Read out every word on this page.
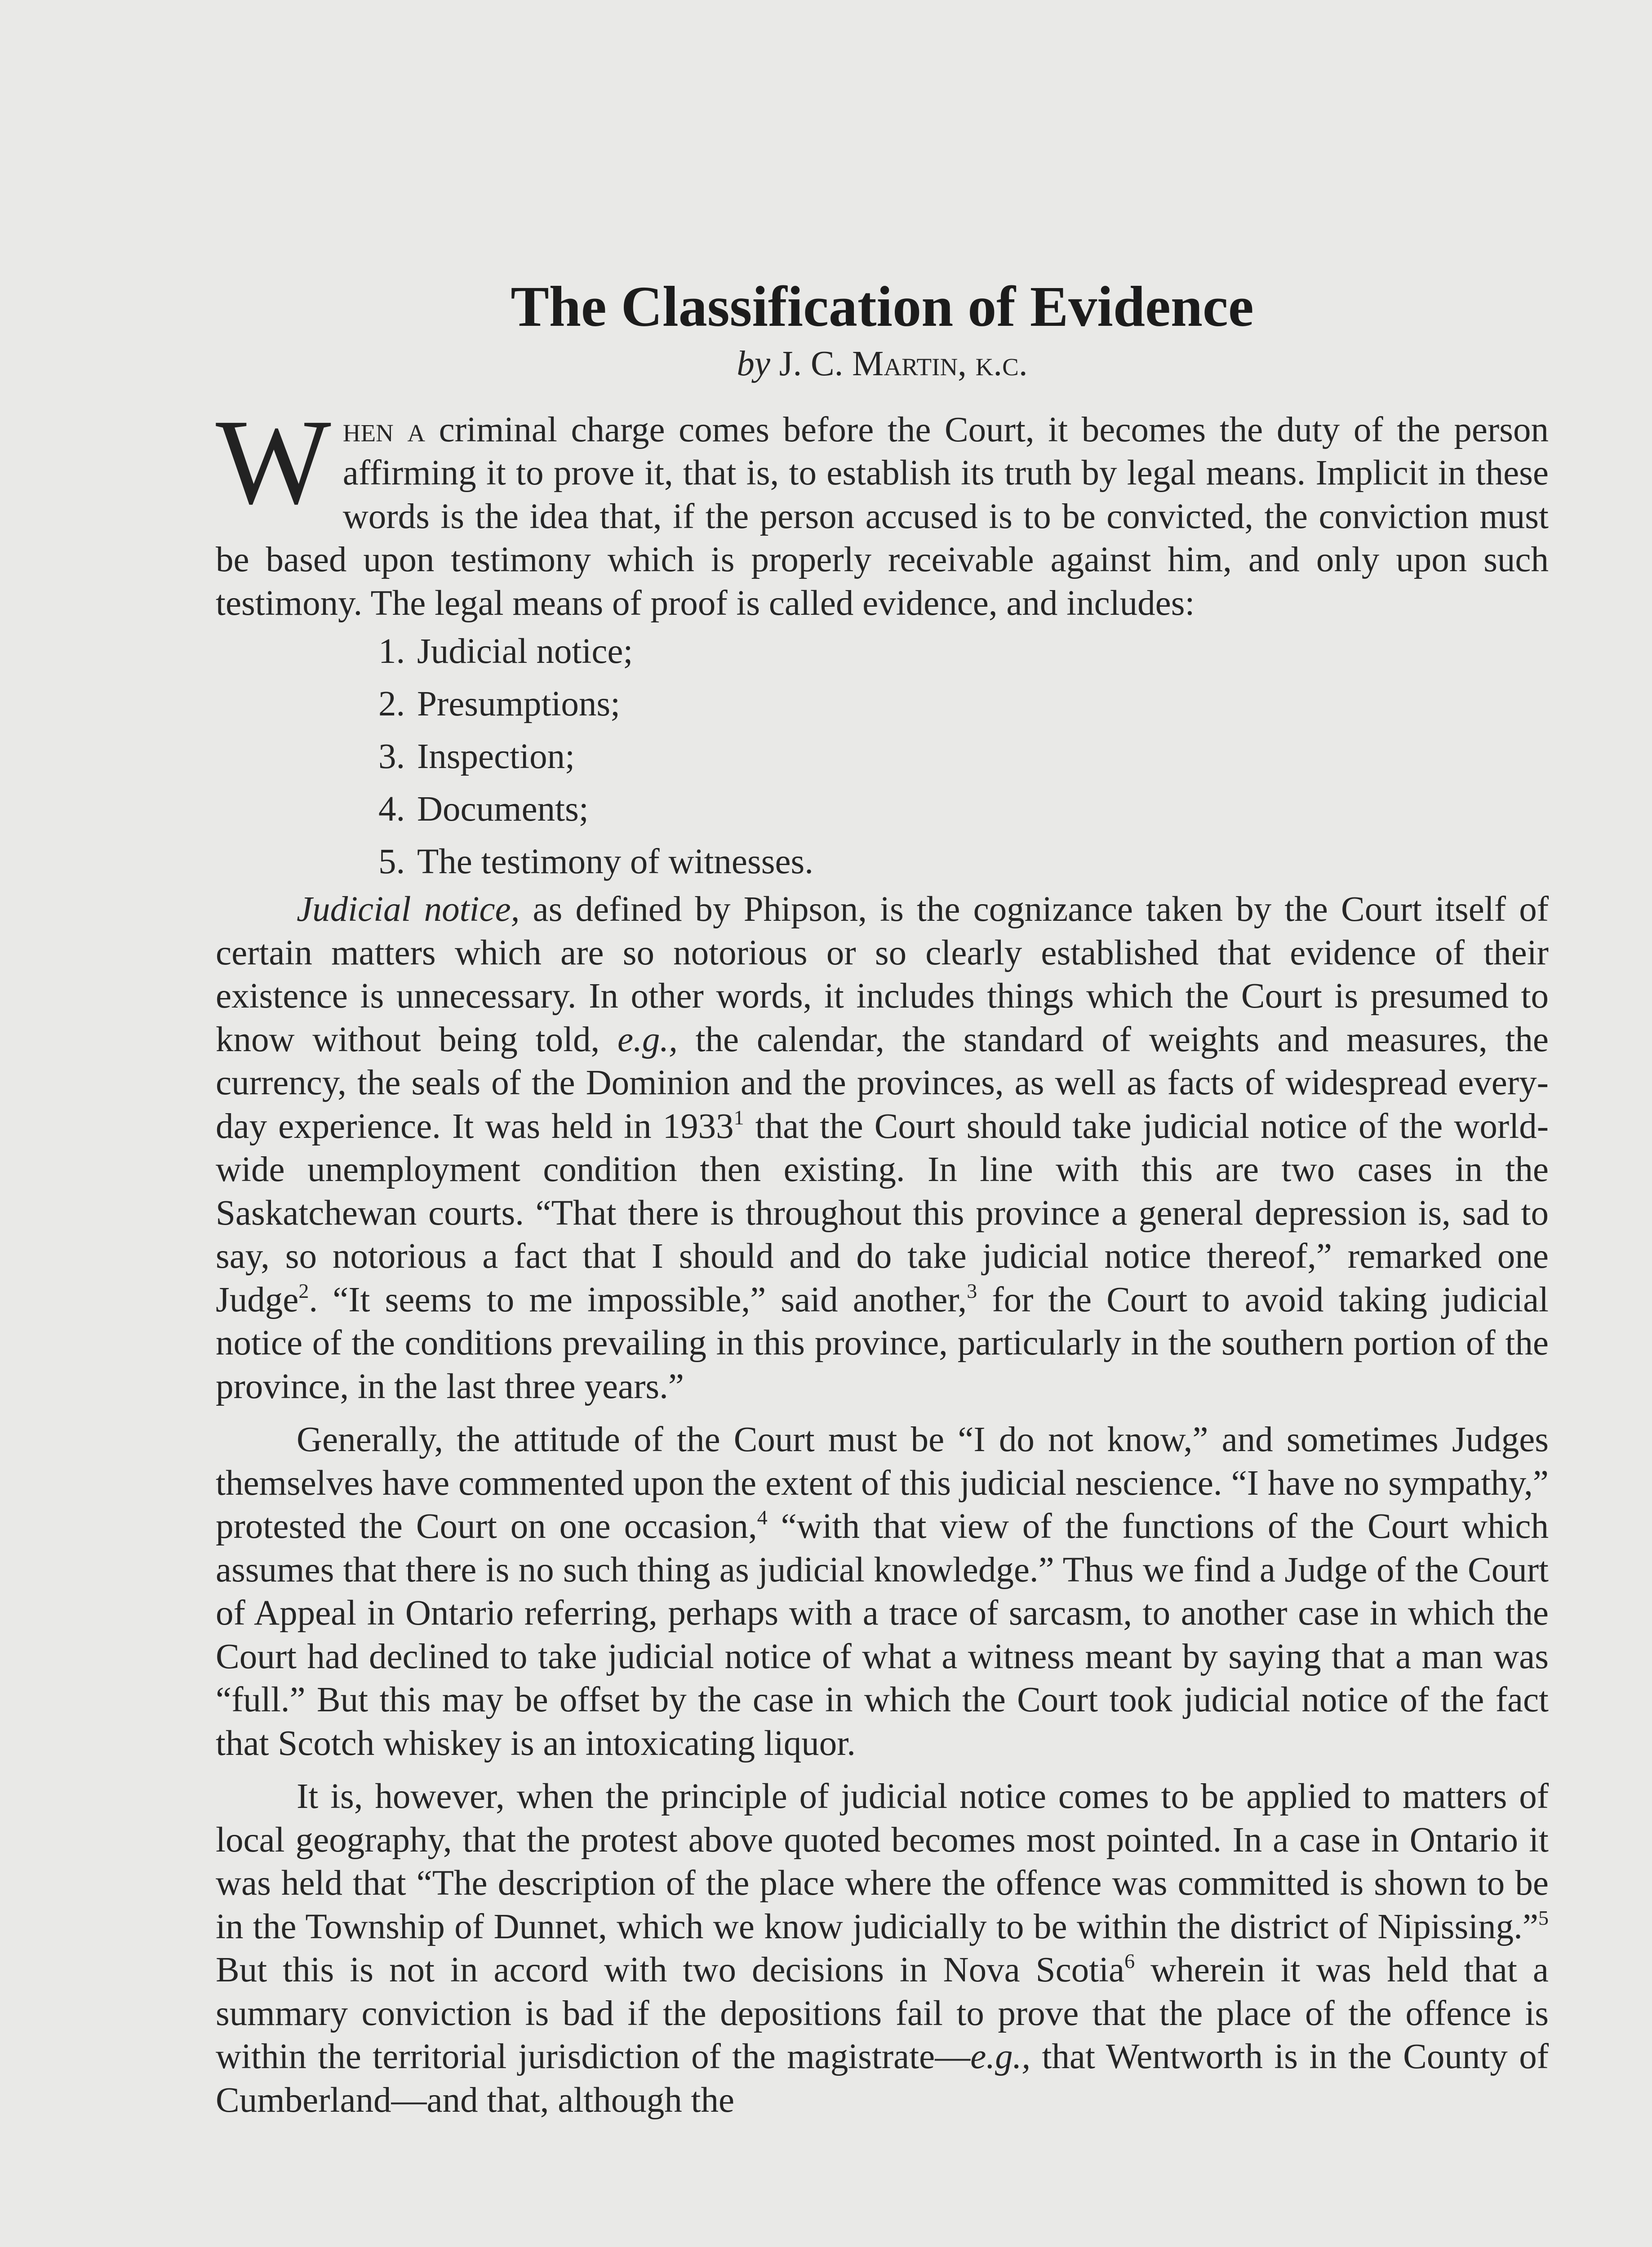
The Classification of Evidence
by J. C. Martin, k.c.

When a criminal charge comes before the Court, it becomes the duty of the person affirming it to prove it, that is, to establish its truth by legal means. Implicit in these words is the idea that, if the person accused is to be convicted, the conviction must be based upon testimony which is properly receivable against him, and only upon such testimony. The legal means of proof is called evidence, and includes:

1. Judicial notice;
2. Presumptions;
3. Inspection;
4. Documents;
5. The testimony of witnesses.

Judicial notice, as defined by Phipson, is the cognizance taken by the Court itself of certain matters which are so notorious or so clearly established that evidence of their existence is unnecessary. In other words, it includes things which the Court is presumed to know without being told, e.g., the calendar, the standard of weights and measures, the currency, the seals of the Dominion and the provinces, as well as facts of widespread every-day experience. It was held in 1933$^1$ that the Court should take judicial notice of the world-wide unemployment condition then existing. In line with this are two cases in the Saskatchewan courts. “That there is throughout this province a general depression is, sad to say, so notorious a fact that I should and do take judicial notice thereof,” remarked one Judge$^2$. “It seems to me impossible,” said another,$^3$ for the Court to avoid taking judicial notice of the conditions prevailing in this province, particularly in the southern portion of the province, in the last three years.”

Generally, the attitude of the Court must be “I do not know,” and sometimes Judges themselves have commented upon the extent of this judicial nescience. “I have no sympathy,” protested the Court on one occasion,$^4$ “with that view of the functions of the Court which assumes that there is no such thing as judicial knowledge.” Thus we find a Judge of the Court of Appeal in Ontario referring, perhaps with a trace of sarcasm, to another case in which the Court had declined to take judicial notice of what a witness meant by saying that a man was “full.” But this may be offset by the case in which the Court took judicial notice of the fact that Scotch whiskey is an intoxicating liquor.

It is, however, when the principle of judicial notice comes to be applied to matters of local geography, that the protest above quoted becomes most pointed. In a case in Ontario it was held that “The description of the place where the offence was committed is shown to be in the Township of Dunnet, which we know judicially to be within the district of Nipissing.”$^5$ But this is not in accord with two decisions in Nova Scotia$^6$ wherein it was held that a summary conviction is bad if the depositions fail to prove that the place of the offence is within the territorial jurisdiction of the magistrate—e.g., that Wentworth is in the County of Cumberland—and that, although the
